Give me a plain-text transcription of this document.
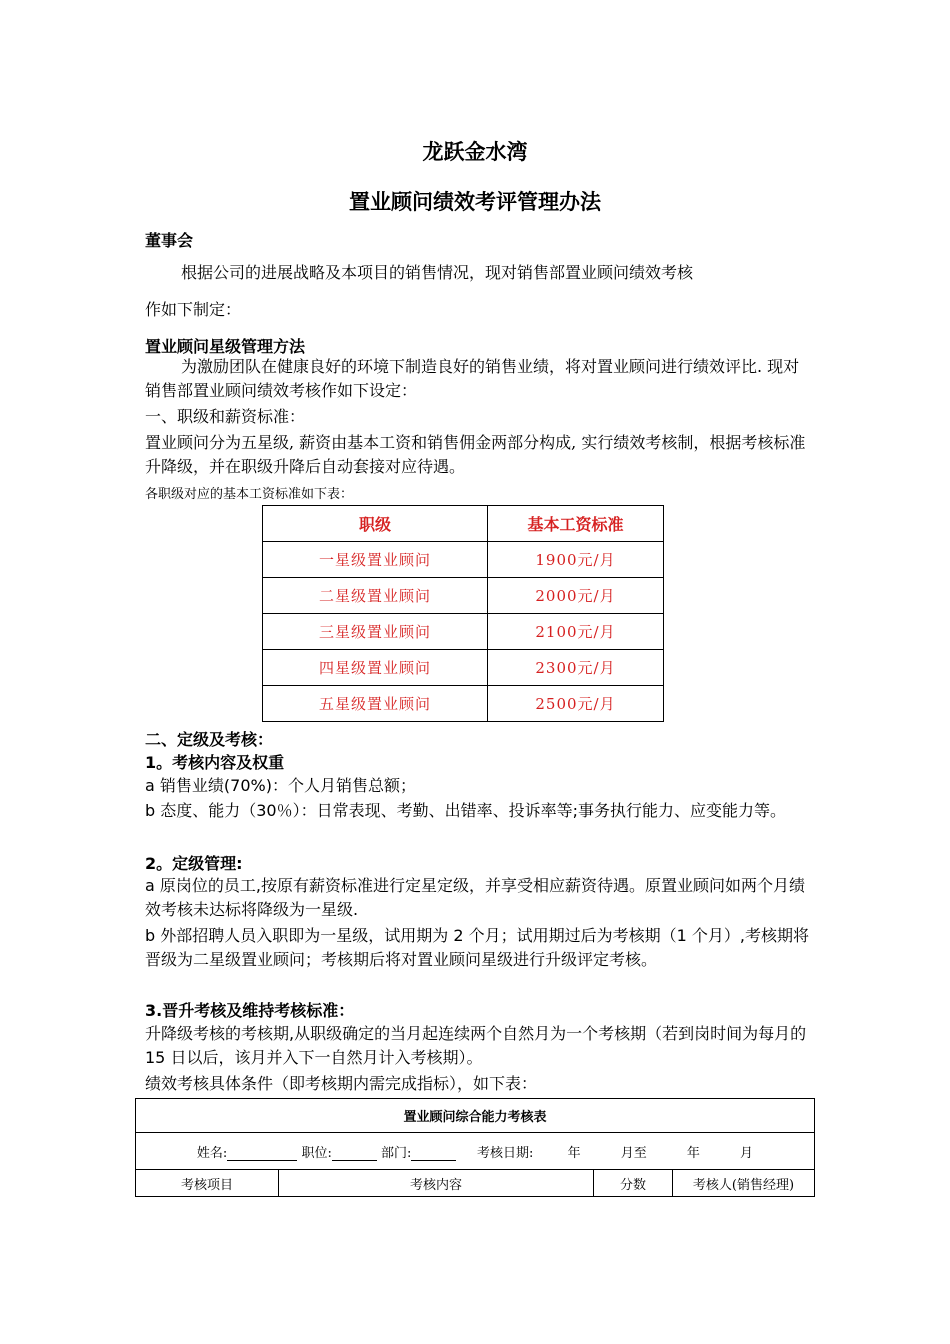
龙跃金水湾
置业顾问绩效考评管理办法
董事会
根据公司的进展战略及本项目的销售情况，现对销售部置业顾问绩效考核
作如下制定：
置业顾问星级管理方法
为激励团队在健康良好的环境下制造良好的销售业绩，将对置业顾问进行绩效评比. 现对销售部置业顾问绩效考核作如下设定：
一、职级和薪资标准：
置业顾问分为五星级, 薪资由基本工资和销售佣金两部分构成, 实行绩效考核制，根据考核标准升降级，并在职级升降后自动套接对应待遇。
各职级对应的基本工资标准如下表：
职级	基本工资标准
一星级置业顾问	1900元/月
二星级置业顾问	2000元/月
三星级置业顾问	2100元/月
四星级置业顾问	2300元/月
五星级置业顾问	2500元/月
二、定级及考核：
1。考核内容及权重
a 销售业绩(70%)：个人月销售总额；
b 态度、能力（30％）：日常表现、考勤、出错率、投诉率等;事务执行能力、应变能力等。
2。定级管理:
a 原岗位的员工,按原有薪资标准进行定星定级，并享受相应薪资待遇。原置业顾问如两个月绩效考核未达标将降级为一星级.
b 外部招聘人员入职即为一星级，试用期为 2 个月；试用期过后为考核期（1 个月）,考核期将晋级为二星级置业顾问；考核期后将对置业顾问星级进行升级评定考核。
3.晋升考核及维持考核标准：
升降级考核的考核期,从职级确定的当月起连续两个自然月为一个考核期（若到岗时间为每月的 15 日以后，该月并入下一自然月计入考核期）。
绩效考核具体条件（即考核期内需完成指标），如下表：
置业顾问综合能力考核表
姓名:	职位:	部门:	考核日期:	年	月至	年	月
考核项目	考核内容	分数	考核人(销售经理)
